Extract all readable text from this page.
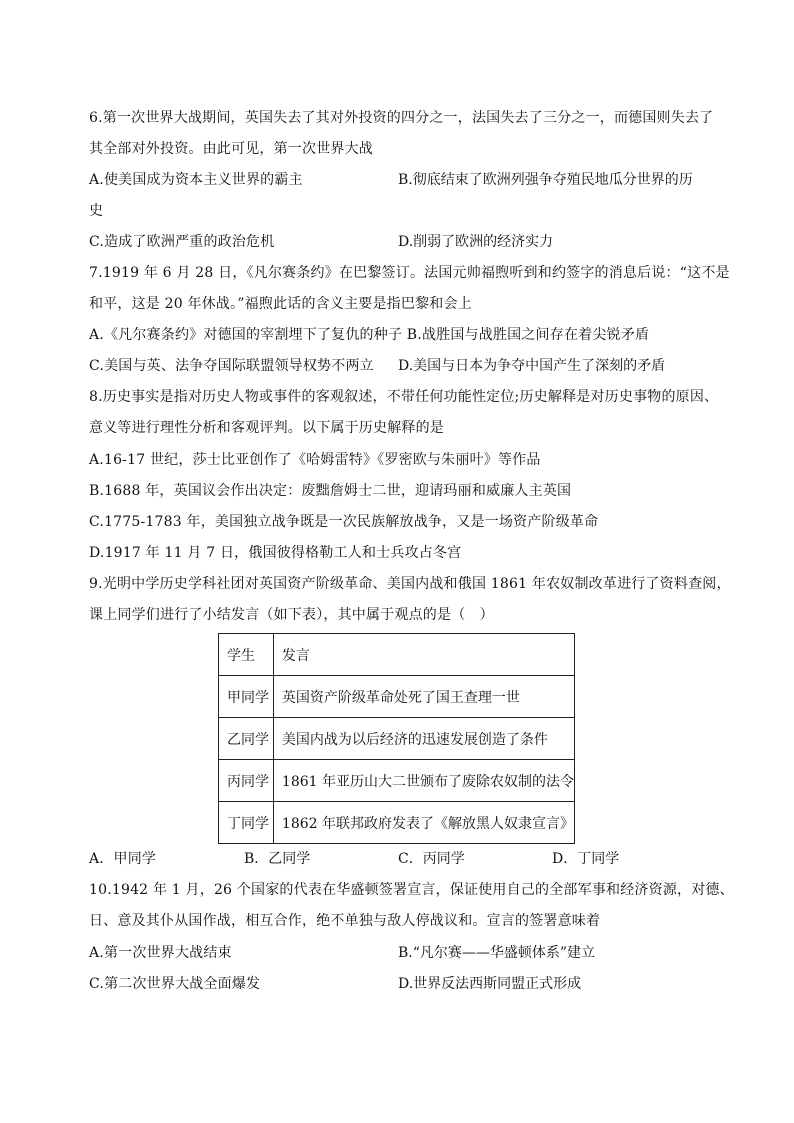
6.第一次世界大战期间，英国失去了其对外投资的四分之一，法国失去了三分之一，而德国则失去了
其全部对外投资。由此可见，第一次世界大战
A.使美国成为资本主义世界的霸主	B.彻底结束了欧洲列强争夺殖民地瓜分世界的历
史
C.造成了欧洲严重的政治危机	D.削弱了欧洲的经济实力
7.1919 年 6 月 28 日，《凡尔赛条约》在巴黎签订。法国元帅福煦听到和约签字的消息后说：“这不是
和平，这是 20 年休战。”福煦此话的含义主要是指巴黎和会上
A.《凡尔赛条约》对德国的宰割埋下了复仇的种子 B.战胜国与战胜国之间存在着尖锐矛盾
C.美国与英、法争夺国际联盟领导权势不两立 D.美国与日本为争夺中国产生了深刻的矛盾
8.历史事实是指对历史人物或事件的客观叙述，不带任何功能性定位;历史解释是对历史事物的原因、
意义等进行理性分析和客观评判。以下属于历史解释的是
A.16-17 世纪，莎士比亚创作了《哈姆雷特》《罗密欧与朱丽叶》等作品
B.1688 年，英国议会作出决定：废黜詹姆士二世，迎请玛丽和威廉人主英国
C.1775-1783 年，美国独立战争既是一次民族解放战争，又是一场资产阶级革命
D.1917 年 11 月 7 日，俄国彼得格勒工人和士兵攻占冬宫
9.光明中学历史学科社团对英国资产阶级革命、美国内战和俄国 1861 年农奴制改革进行了资料查阅，
课上同学们进行了小结发言（如下表），其中属于观点的是（　）
学生	发言
甲同学	英国资产阶级革命处死了国王查理一世
乙同学	美国内战为以后经济的迅速发展创造了条件
丙同学	1861 年亚历山大二世颁布了废除农奴制的法令
丁同学	1862 年联邦政府发表了《解放黑人奴隶宣言》
A．甲同学	B．乙同学	C．丙同学	D．丁同学
10.1942 年 1 月，26 个国家的代表在华盛顿签署宣言，保证使用自己的全部军事和经济资源，对德、
日、意及其仆从国作战，相互合作，绝不单独与敌人停战议和。宣言的签署意味着
A.第一次世界大战结束	B.“凡尔赛——华盛顿体系”建立
C.第二次世界大战全面爆发	D.世界反法西斯同盟正式形成
